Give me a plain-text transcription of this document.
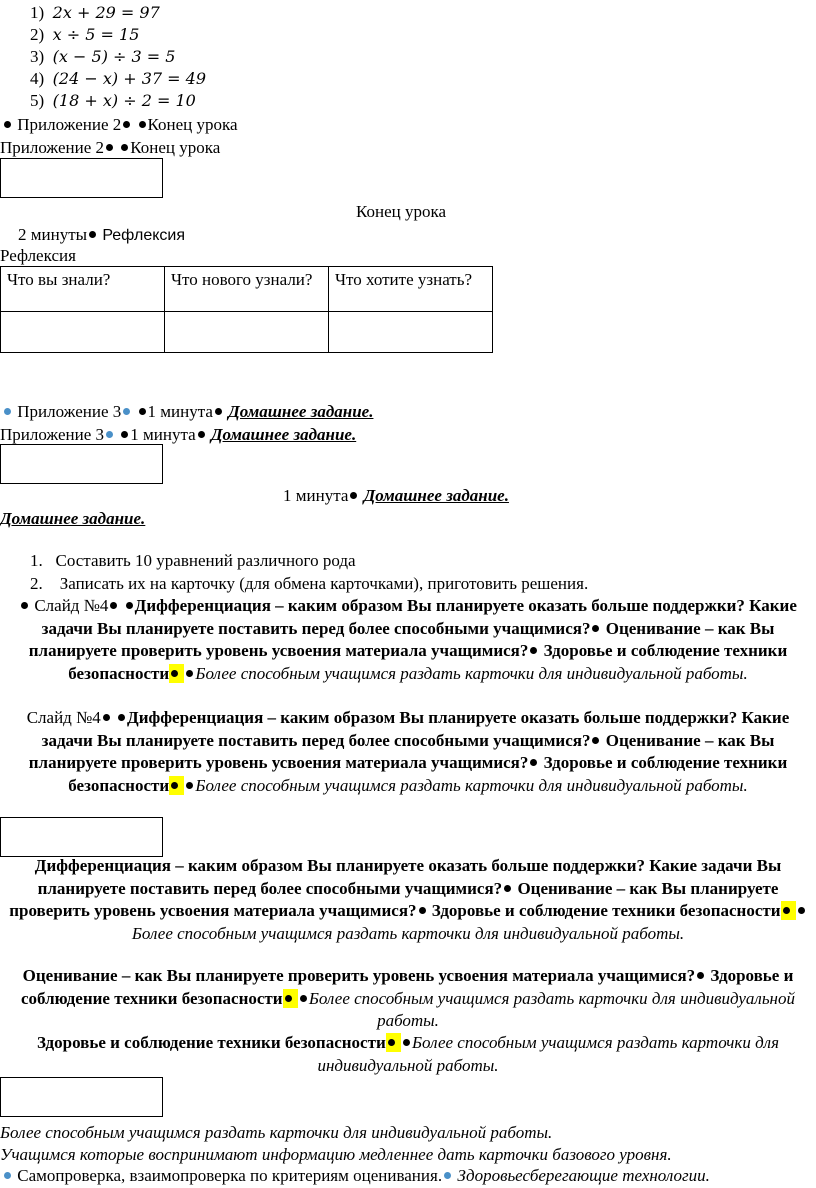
1) 2x + 29 = 97
2) x ÷ 5 = 15
3) (x − 5) ÷ 3 = 5
4) (24 − x) + 37 = 49
5) (18 + x) ÷ 2 = 10
Приложение 2 Конец урока
Приложение 2 Конец урока
Конец урока
2 минуты Рефлексия
Рефлексия
Что вы знали?	Что нового узнали?	Что хотите узнать?

Приложение 3 1 минута Домашнее задание.
Приложение 3 1 минута Домашнее задание.
1 минута Домашнее задание.
Домашнее задание.
1. Составить 10 уравнений различного рода
2. Записать их на карточку (для обмена карточками), приготовить решения.
Слайд №4 Дифференциация – каким образом Вы планируете оказать больше поддержки? Какие задачи Вы планируете поставить перед более способными учащимися? Оценивание – как Вы планируете проверить уровень усвоения материала учащимися? Здоровье и соблюдение техники безопасности Более способным учащимся раздать карточки для индивидуальной работы.
Слайд №4 Дифференциация – каким образом Вы планируете оказать больше поддержки? Какие задачи Вы планируете поставить перед более способными учащимися? Оценивание – как Вы планируете проверить уровень усвоения материала учащимися? Здоровье и соблюдение техники безопасности Более способным учащимся раздать карточки для индивидуальной работы.
Дифференциация – каким образом Вы планируете оказать больше поддержки? Какие задачи Вы планируете поставить перед более способными учащимися? Оценивание – как Вы планируете проверить уровень усвоения материала учащимися? Здоровье и соблюдение техники безопасности Более способным учащимся раздать карточки для индивидуальной работы.
Оценивание – как Вы планируете проверить уровень усвоения материала учащимися? Здоровье и соблюдение техники безопасности Более способным учащимся раздать карточки для индивидуальной работы.
Здоровье и соблюдение техники безопасности Более способным учащимся раздать карточки для индивидуальной работы.
Более способным учащимся раздать карточки для индивидуальной работы.
Учащимся которые воспринимают информацию медленнее дать карточки базового уровня.
Самопроверка, взаимопроверка по критериям оценивания. Здоровьесберегающие технологии.
